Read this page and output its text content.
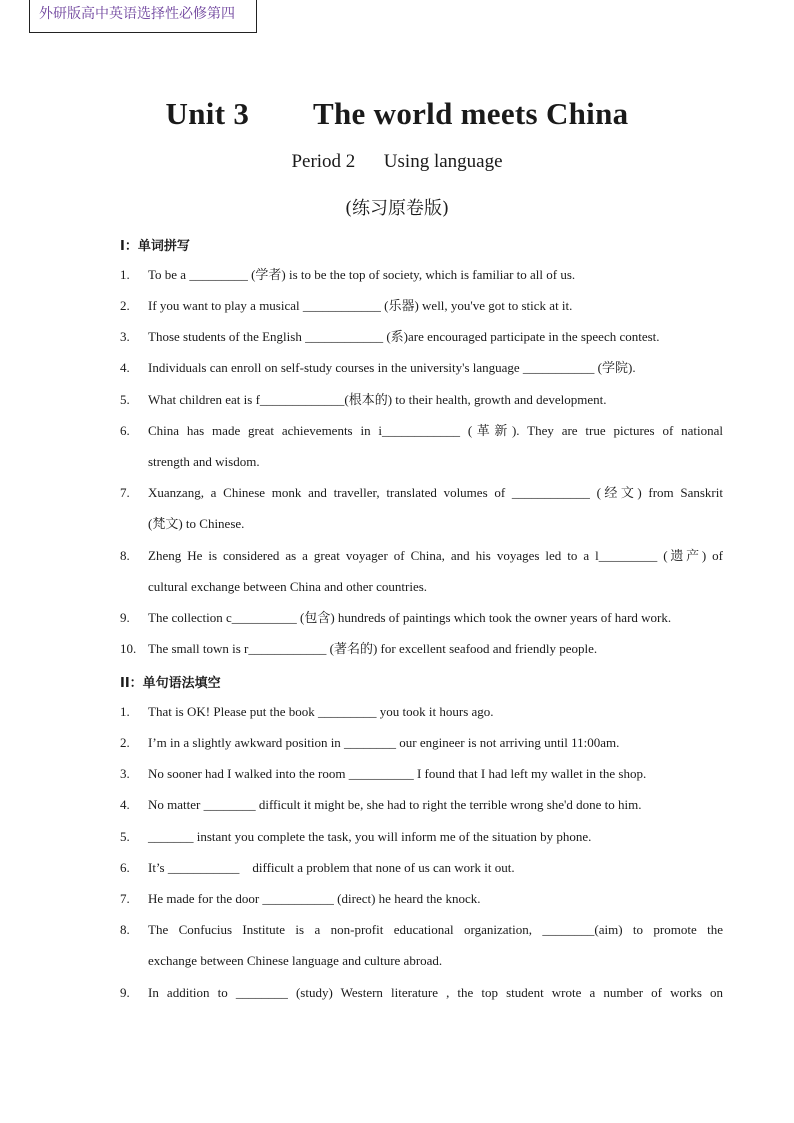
外研版高中英语选择性必修第四
Unit 3        The world meets China
Period 2      Using language
(练习原卷版)
I：单词拼写
1. To be a _________ (学者) is to be the top of society, which is familiar to all of us.
2. If you want to play a musical ____________ (乐器) well, you've got to stick at it.
3. Those students of the English ____________ (系)are encouraged participate in the speech contest.
4. Individuals can enroll on self-study courses in the university's language ___________ (学院).
5. What children eat is f_____________(根本的) to their health, growth and development.
6. China has made great achievements in i____________ (革新). They are true pictures of national
strength and wisdom.
7. Xuanzang, a Chinese monk and traveller, translated volumes of ____________ (经文) from Sanskrit
(梵文) to Chinese.
8. Zheng He is considered as a great voyager of China, and his voyages led to a l_________ (遗产) of
cultural exchange between China and other countries.
9. The collection c__________ (包含) hundreds of paintings which took the owner years of hard work.
10. The small town is r____________ (著名的) for excellent seafood and friendly people.
II：单句语法填空
1. That is OK! Please put the book _________ you took it hours ago.
2. I’m in a slightly awkward position in ________ our engineer is not arriving until 11:00am.
3. No sooner had I walked into the room __________ I found that I had left my wallet in the shop.
4. No matter ________ difficult it might be, she had to right the terrible wrong she'd done to him.
5. _______ instant you complete the task, you will inform me of the situation by phone.
6. It’s ___________    difficult a problem that none of us can work it out.
7. He made for the door ___________ (direct) he heard the knock.
8. The Confucius Institute is a non-profit educational organization, ________(aim) to promote the
exchange between Chinese language and culture abroad.
9. In addition to ________ (study) Western literature , the top student wrote a number of works on
